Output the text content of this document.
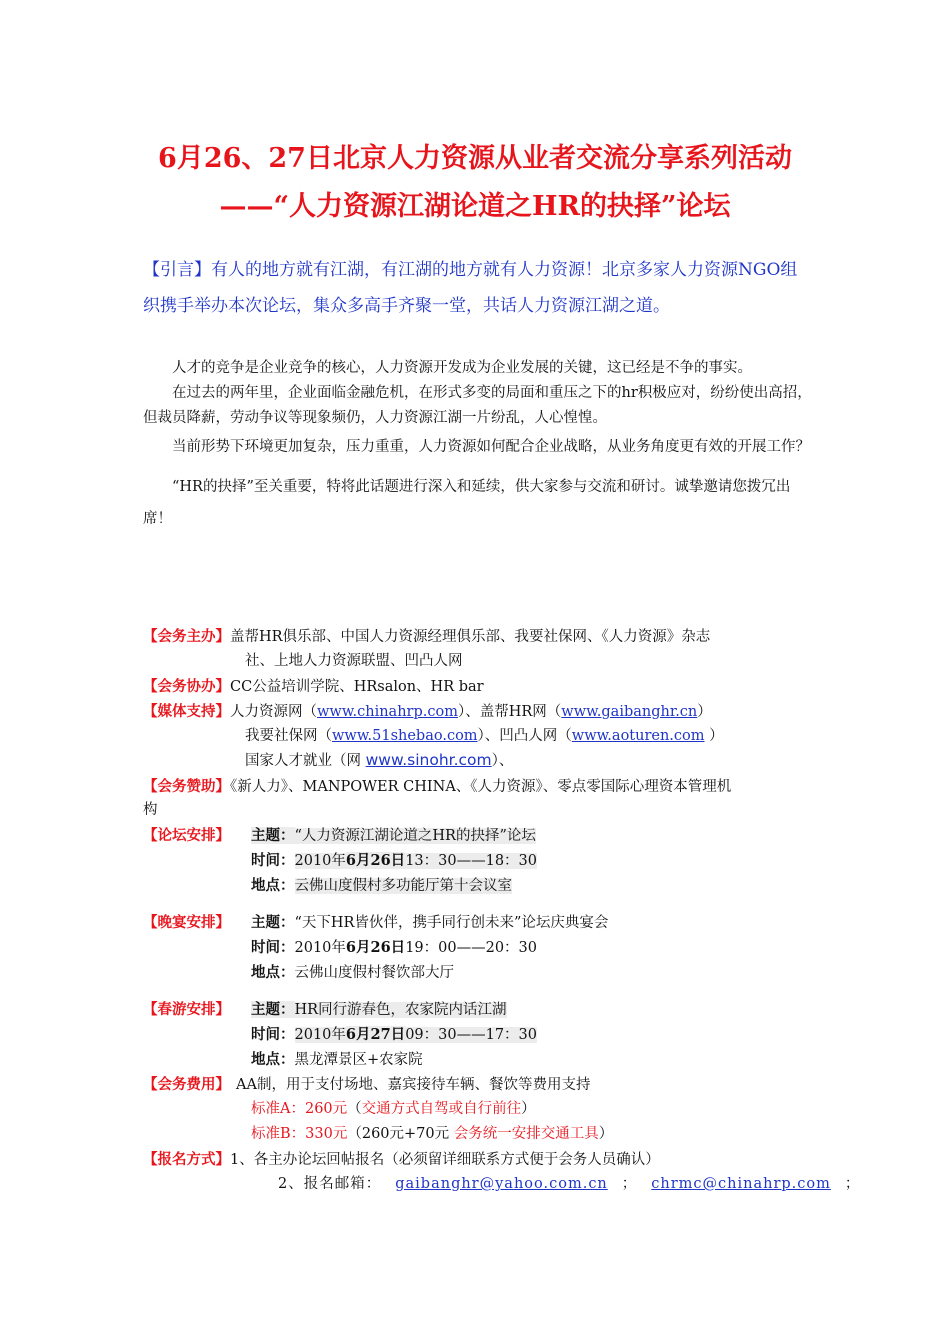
6月26、27日北京人力资源从业者交流分享系列活动
——“人力资源江湖论道之HR的抉择”论坛
【引言】有人的地方就有江湖，有江湖的地方就有人力资源！北京多家人力资源NGO组织携手举办本次论坛，集众多高手齐聚一堂，共话人力资源江湖之道。

人才的竞争是企业竞争的核心，人力资源开发成为企业发展的关键，这已经是不争的事实。

在过去的两年里，企业面临金融危机，在形式多变的局面和重压之下的hr积极应对，纷纷使出高招，但裁员降薪，劳动争议等现象频仍，人力资源江湖一片纷乱，人心惶惶。

当前形势下环境更加复杂，压力重重，人力资源如何配合企业战略，从业务角度更有效的开展工作？

“HR的抉择”至关重要，特将此话题进行深入和延续，供大家参与交流和研讨。诚挚邀请您拨冗出席！

【会务主办】盖帮HR俱乐部、中国人力资源经理俱乐部、我要社保网、《人力资源》杂志
社、上地人力资源联盟、凹凸人网
【会务协办】CC公益培训学院、HRsalon、HR bar
【媒体支持】人力资源网（www.chinahrp.com）、盖帮HR网（www.gaibanghr.cn）
我要社保网（www.51shebao.com）、凹凸人网（www.aoturen.com ）
国家人才就业（网 www.sinohr.com）、
【会务赞助】《新人力》、MANPOWER CHINA、《人力资源》、零点零国际心理资本管理机
构
【论坛安排】 主题：“人力资源江湖论道之HR的抉择”论坛
时间：2010年6月26日13：30——18：30
地点：云佛山度假村多功能厅第十会议室
【晚宴安排】 主题：“天下HR皆伙伴，携手同行创未来”论坛庆典宴会
时间：2010年6月26日19：00——20：30
地点：云佛山度假村餐饮部大厅
【春游安排】 主题：HR同行游春色，农家院内话江湖
时间：2010年6月27日09：30——17：30
地点：黑龙潭景区+农家院
【会务费用】 AA制，用于支付场地、嘉宾接待车辆、餐饮等费用支持
标准A：260元（交通方式自驾或自行前往）
标准B：330元（260元+70元 会务统一安排交通工具）
【报名方式】1、各主办论坛回帖报名（必须留详细联系方式便于会务人员确认）
2、报名邮箱： gaibanghr@yahoo.com.cn ； chrmc@chinahrp.com ；
